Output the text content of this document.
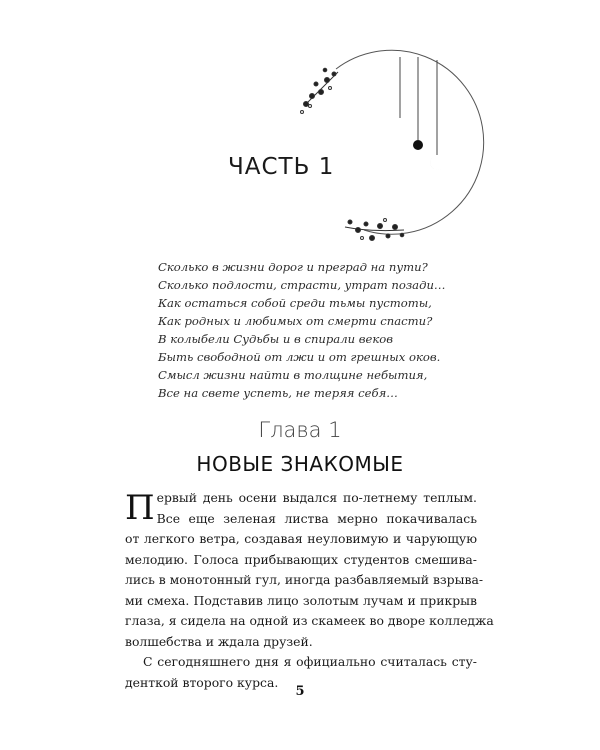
ЧАСТЬ 1
Сколько в жизни дорог и преград на пути?
Сколько подлости, страсти, утрат позади…
Как остаться собой среди тьмы пустоты,
Как родных и любимых от смерти спасти?
В колыбели Судьбы и в спирали веков
Быть свободной от лжи и от грешных оков.
Смысл жизни найти в толщине небытия,
Все на свете успеть, не теряя себя…
Глава 1
НОВЫЕ ЗНАКОМЫЕ
П ервый день осени выдался по-летнему теплым.
Все еще зеленая листва мерно покачивалась
от легкого ветра, создавая неуловимую и чарующую
мелодию. Голоса прибывающих студентов смешива-
лись в монотонный гул, иногда разбавляемый взрыва-
ми смеха. Подставив лицо золотым лучам и прикрыв
глаза, я сидела на одной из скамеек во дворе колледжа
волшебства и ждала друзей.
С сегодняшнего дня я официально считалась сту-
денткой второго курса.
5
